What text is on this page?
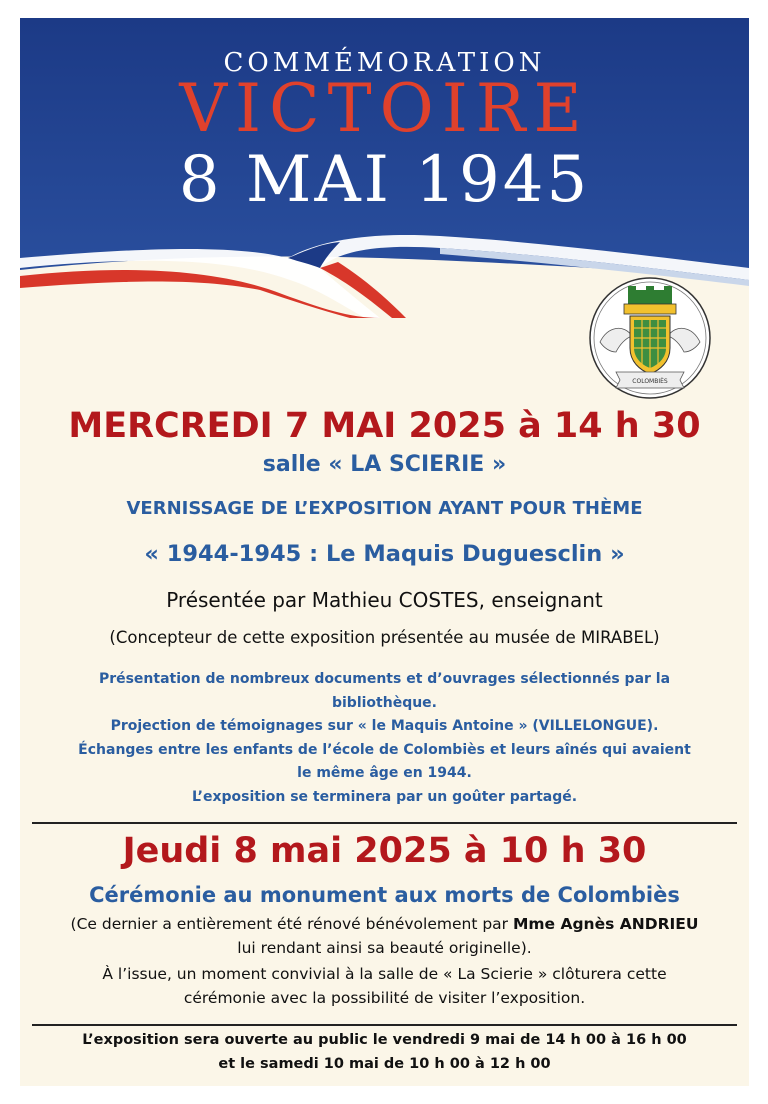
COMMÉMORATION
VICTOIRE
8 MAI 1945
COLOMBIÈS

MERCREDI 7 MAI 2025 à 14 h 30

salle « LA SCIERIE »

VERNISSAGE DE L’EXPOSITION AYANT POUR THÈME

« 1944-1945 : Le Maquis Duguesclin »

Présentée par Mathieu COSTES, enseignant

(Concepteur de cette exposition présentée au musée de MIRABEL)

Présentation de nombreux documents et d’ouvrages sélectionnés par la
bibliothèque.
Projection de témoignages sur « le Maquis Antoine » (VILLELONGUE).
Échanges entre les enfants de l’école de Colombiès et leurs aînés qui avaient
le même âge en 1944.
L’exposition se terminera par un goûter partagé.

Jeudi 8 mai 2025 à 10 h 30

Cérémonie au monument aux morts de Colombiès

(Ce dernier a entièrement été rénové bénévolement par Mme Agnès ANDRIEU

lui rendant ainsi sa beauté originelle).

À l’issue, un moment convivial à la salle de « La Scierie » clôturera cette

cérémonie avec la possibilité de visiter l’exposition.

L’exposition sera ouverte au public le vendredi 9 mai de 14 h 00 à 16 h 00
et le samedi 10 mai de 10 h 00 à 12 h 00
